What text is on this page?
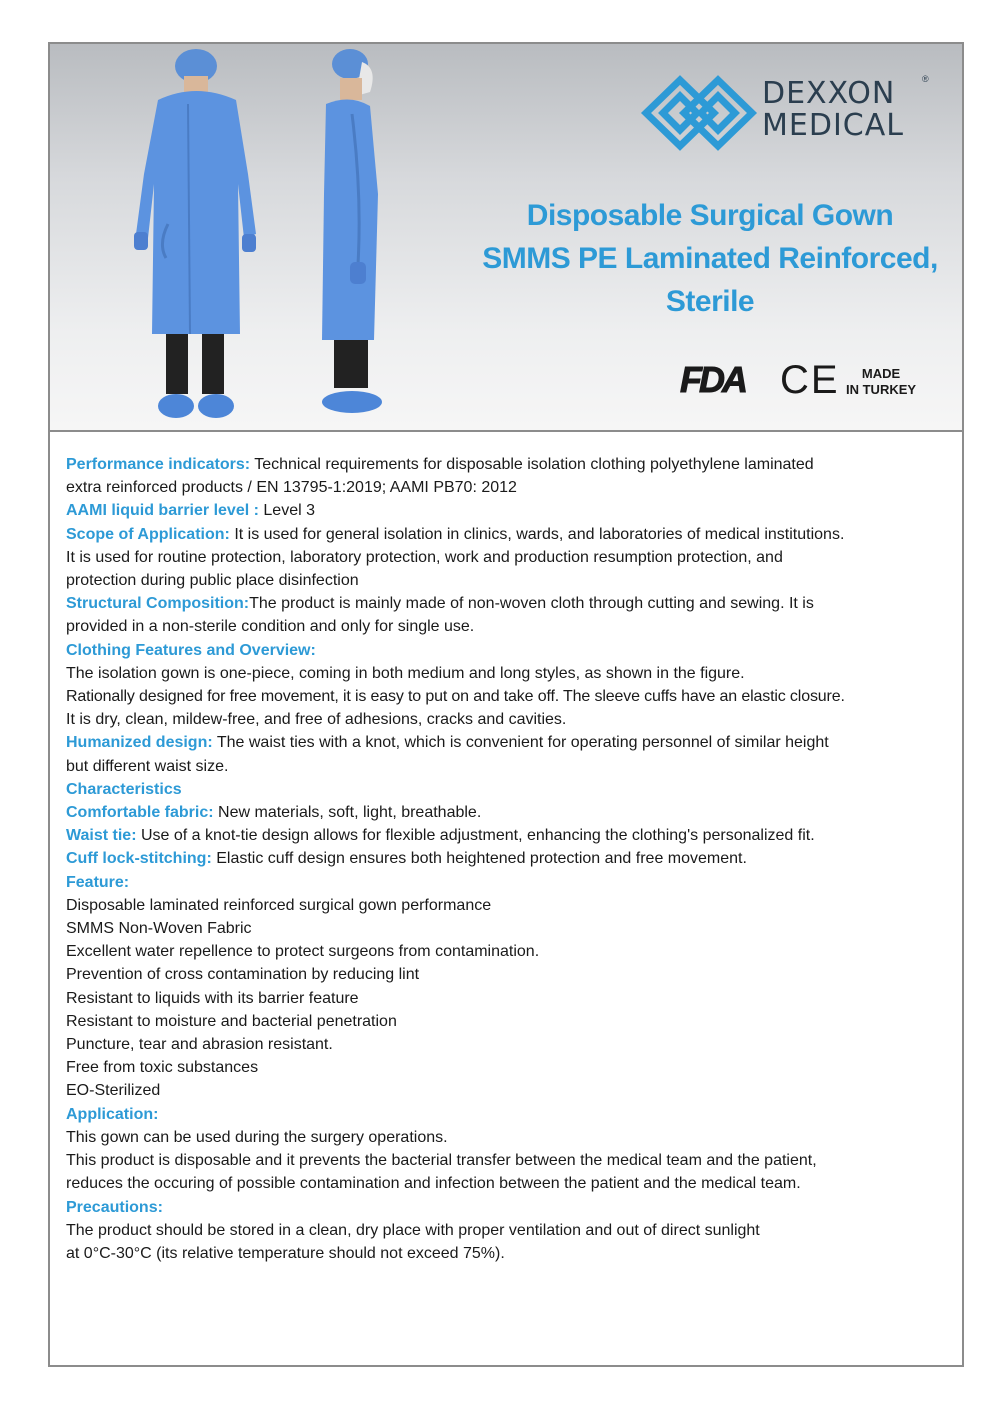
DEXXON
MEDICAL
®
Disposable Surgical Gown
SMMS PE Laminated Reinforced,
Sterile
FDA CE	MADE
IN TURKEY
Performance indicators: Technical requirements for disposable isolation clothing polyethylene laminated
extra reinforced products / EN 13795-1:2019; AAMI PB70: 2012
AAMI liquid barrier level : Level 3
Scope of Application: It is used for general isolation in clinics, wards, and laboratories of medical institutions.
It is used for routine protection, laboratory protection, work and production resumption protection, and
protection during public place disinfection
Structural Composition:The product is mainly made of non-woven cloth through cutting and sewing. It is
provided in a non-sterile condition and only for single use.
Clothing Features and Overview:
The isolation gown is one-piece, coming in both medium and long styles, as shown in the figure.
Rationally designed for free movement, it is easy to put on and take off. The sleeve cuffs have an elastic closure.
It is dry, clean, mildew-free, and free of adhesions, cracks and cavities.
Humanized design: The waist ties with a knot, which is convenient for operating personnel of similar height
but different waist size.
Characteristics
Comfortable fabric: New materials, soft, light, breathable.
Waist tie: Use of a knot-tie design allows for flexible adjustment, enhancing the clothing's personalized fit.
Cuff lock-stitching: Elastic cuff design ensures both heightened protection and free movement.
Feature:
Disposable laminated reinforced surgical gown performance
SMMS Non-Woven Fabric
Excellent water repellence to protect surgeons from contamination.
Prevention of cross contamination by reducing lint
Resistant to liquids with its barrier feature
Resistant to moisture and bacterial penetration
Puncture, tear and abrasion resistant.
Free from toxic substances
EO-Sterilized
Application:
This gown can be used during the surgery operations.
This product is disposable and it prevents the bacterial transfer between the medical team and the patient,
reduces the occuring of possible contamination and infection between the patient and the medical team.
Precautions:
The product should be stored in a clean, dry place with proper ventilation and out of direct sunlight
at 0°C-30°C (its relative temperature should not exceed 75%).
